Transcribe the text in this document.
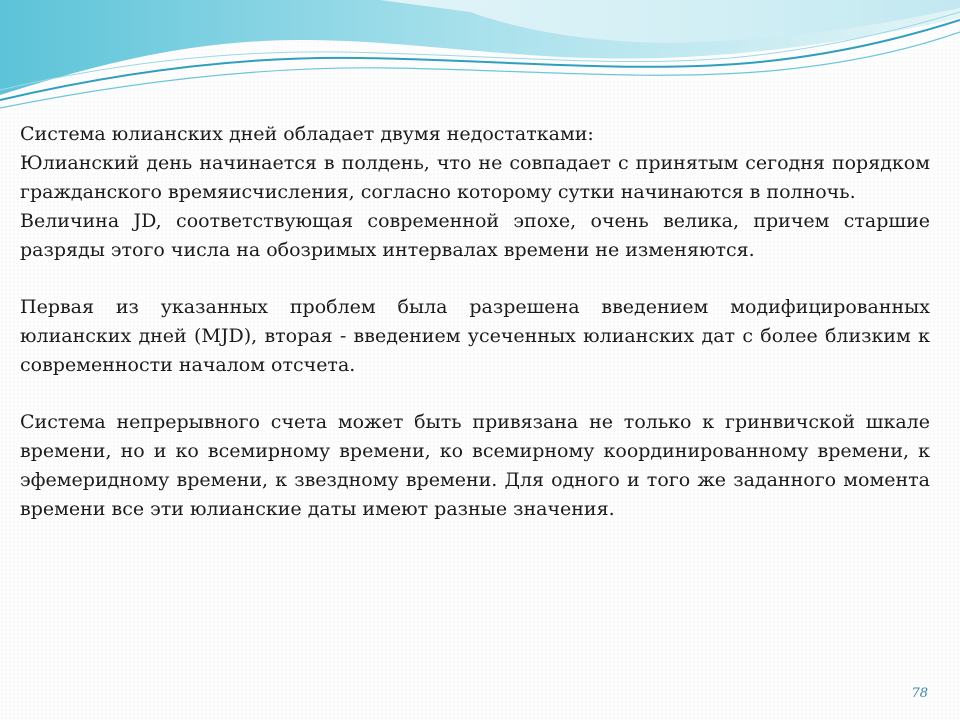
Система юлианских дней обладает двумя недостатками:

Юлианский день начинается в полдень, что не совпадает с принятым сегодня порядком гражданского времяисчисления, согласно которому сутки начинаются в полночь.

Величина JD, соответствующая современной эпохе, очень велика, причем старшие разряды этого числа на обозримых интервалах времени не изменяются.

Первая из указанных проблем была разрешена введением модифицированных юлианских дней (MJD), вторая - введением усеченных юлианских дат с более близким к современности началом отсчета.

Система непрерывного счета может быть привязана не только к гринвичской шкале времени, но и ко всемирному времени, ко всемирному координированному времени, к эфемеридному времени, к звездному времени. Для одного и того же заданного момента времени все эти юлианские даты имеют разные значения.

78
